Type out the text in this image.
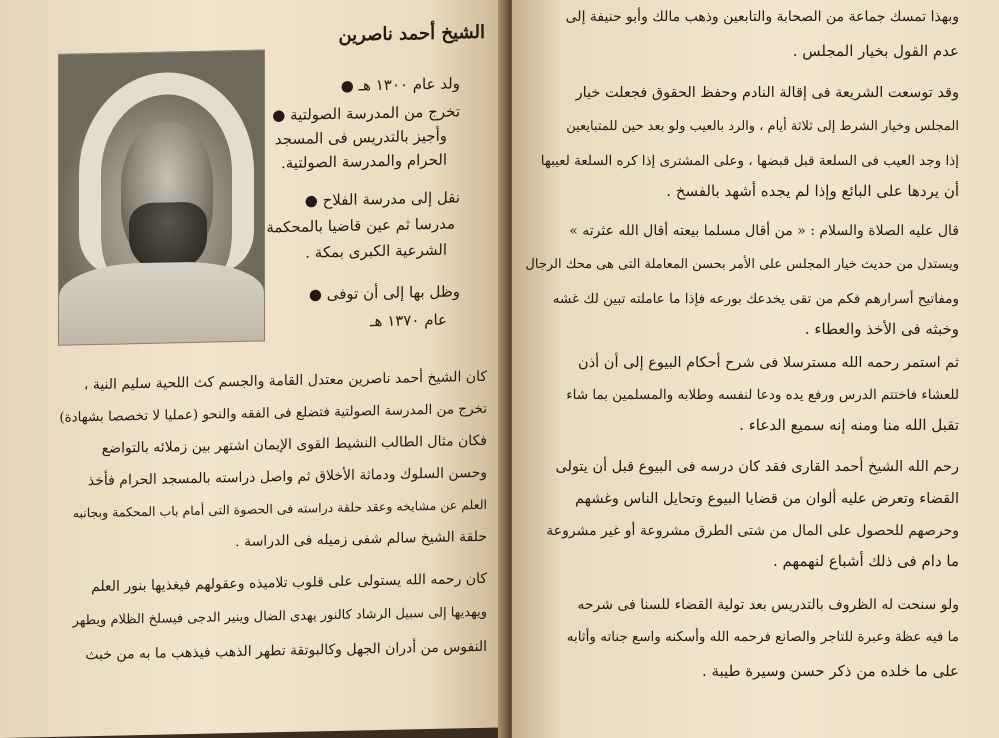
الشيخ أحمد ناصرين
ولد عام ١٣٠٠ هـ ●
تخرج من المدرسة الصولتية ●
وأجيز بالتدريس فى المسجد
الحرام والمدرسة الصولتية.
نقل إلى مدرسة الفلاح ●
مدرسا ثم عين قاضيا بالمحكمة
الشرعية الكبرى بمكة .
وظل بها إلى أن توفى ●
عام ١٣٧٠ هـ
كان الشيخ أحمد ناصرين معتدل القامة والجسم كث اللحية سليم النية ،
تخرج من المدرسة الصولتية فتضلع فى الفقه والنحو (عمليا لا تخصصا بشهادة)
فكان مثال الطالب النشيط القوى الإيمان اشتهر بين زملائه بالتواضع
وحسن السلوك ودماثة الأخلاق ثم واصل دراسته بالمسجد الحرام فأخذ
العلم عن مشايخه وعقد حلقة دراسته فى الحصوة التى أمام باب المحكمة وبجانبه
حلقة الشيخ سالم شفى زميله فى الدراسة .
كان رحمه الله يستولى على قلوب تلاميذه وعقولهم فيغذيها بنور العلم
ويهديها إلى سبيل الرشاد كالنور يهدى الضال وينير الدجى فيسلخ الظلام ويطهر
النفوس من أدران الجهل وكالبوتقة تطهر الذهب فيذهب ما به من خبث
وبهذا تمسك جماعة من الصحابة والتابعين وذهب مالك وأبو حنيفة إلى
عدم القول بخيار المجلس .
وقد توسعت الشريعة فى إقالة النادم وحفظ الحقوق فجعلت خيار
المجلس وخيار الشرط إلى ثلاثة أيام ، والرد بالعيب ولو بعد حين للمتبايعين
إذا وجد العيب فى السلعة قبل قبضها ، وعلى المشترى إذا كره السلعة لعيبها
أن يردها على البائع وإذا لم يجده أشهد بالفسخ .
قال عليه الصلاة والسلام : « من أقال مسلما بيعته أقال الله عثرته »
ويستدل من حديث خيار المجلس على الأمر بحسن المعاملة التى هى محك الرجال
ومفاتيح أسرارهم فكم من تقى يخدعك بورعه فإذا ما عاملته تبين لك غشه
وخبثه فى الأخذ والعطاء .
ثم استمر رحمه الله مسترسلا فى شرح أحكام البيوع إلى أن أذن
للعشاء فاختتم الدرس ورفع يده ودعا لنفسه وطلابه والمسلمين بما شاء
تقبل الله منا ومنه إنه سميع الدعاء .
رحم الله الشيخ أحمد القارى فقد كان درسه فى البيوع قبل أن يتولى
القضاء وتعرض عليه ألوان من قضايا البيوع وتحايل الناس وغشهم
وحرصهم للحصول على المال من شتى الطرق مشروعة أو غير مشروعة
ما دام فى ذلك أشباع لنهمهم .
ولو سنحت له الظروف بالتدريس بعد تولية القضاء للسنا فى شرحه
ما فيه عظة وعبرة للتاجر والصانع فرحمه الله وأسكنه واسع جناته وأثابه
على ما خلده من ذكر حسن وسيرة طيبة .
